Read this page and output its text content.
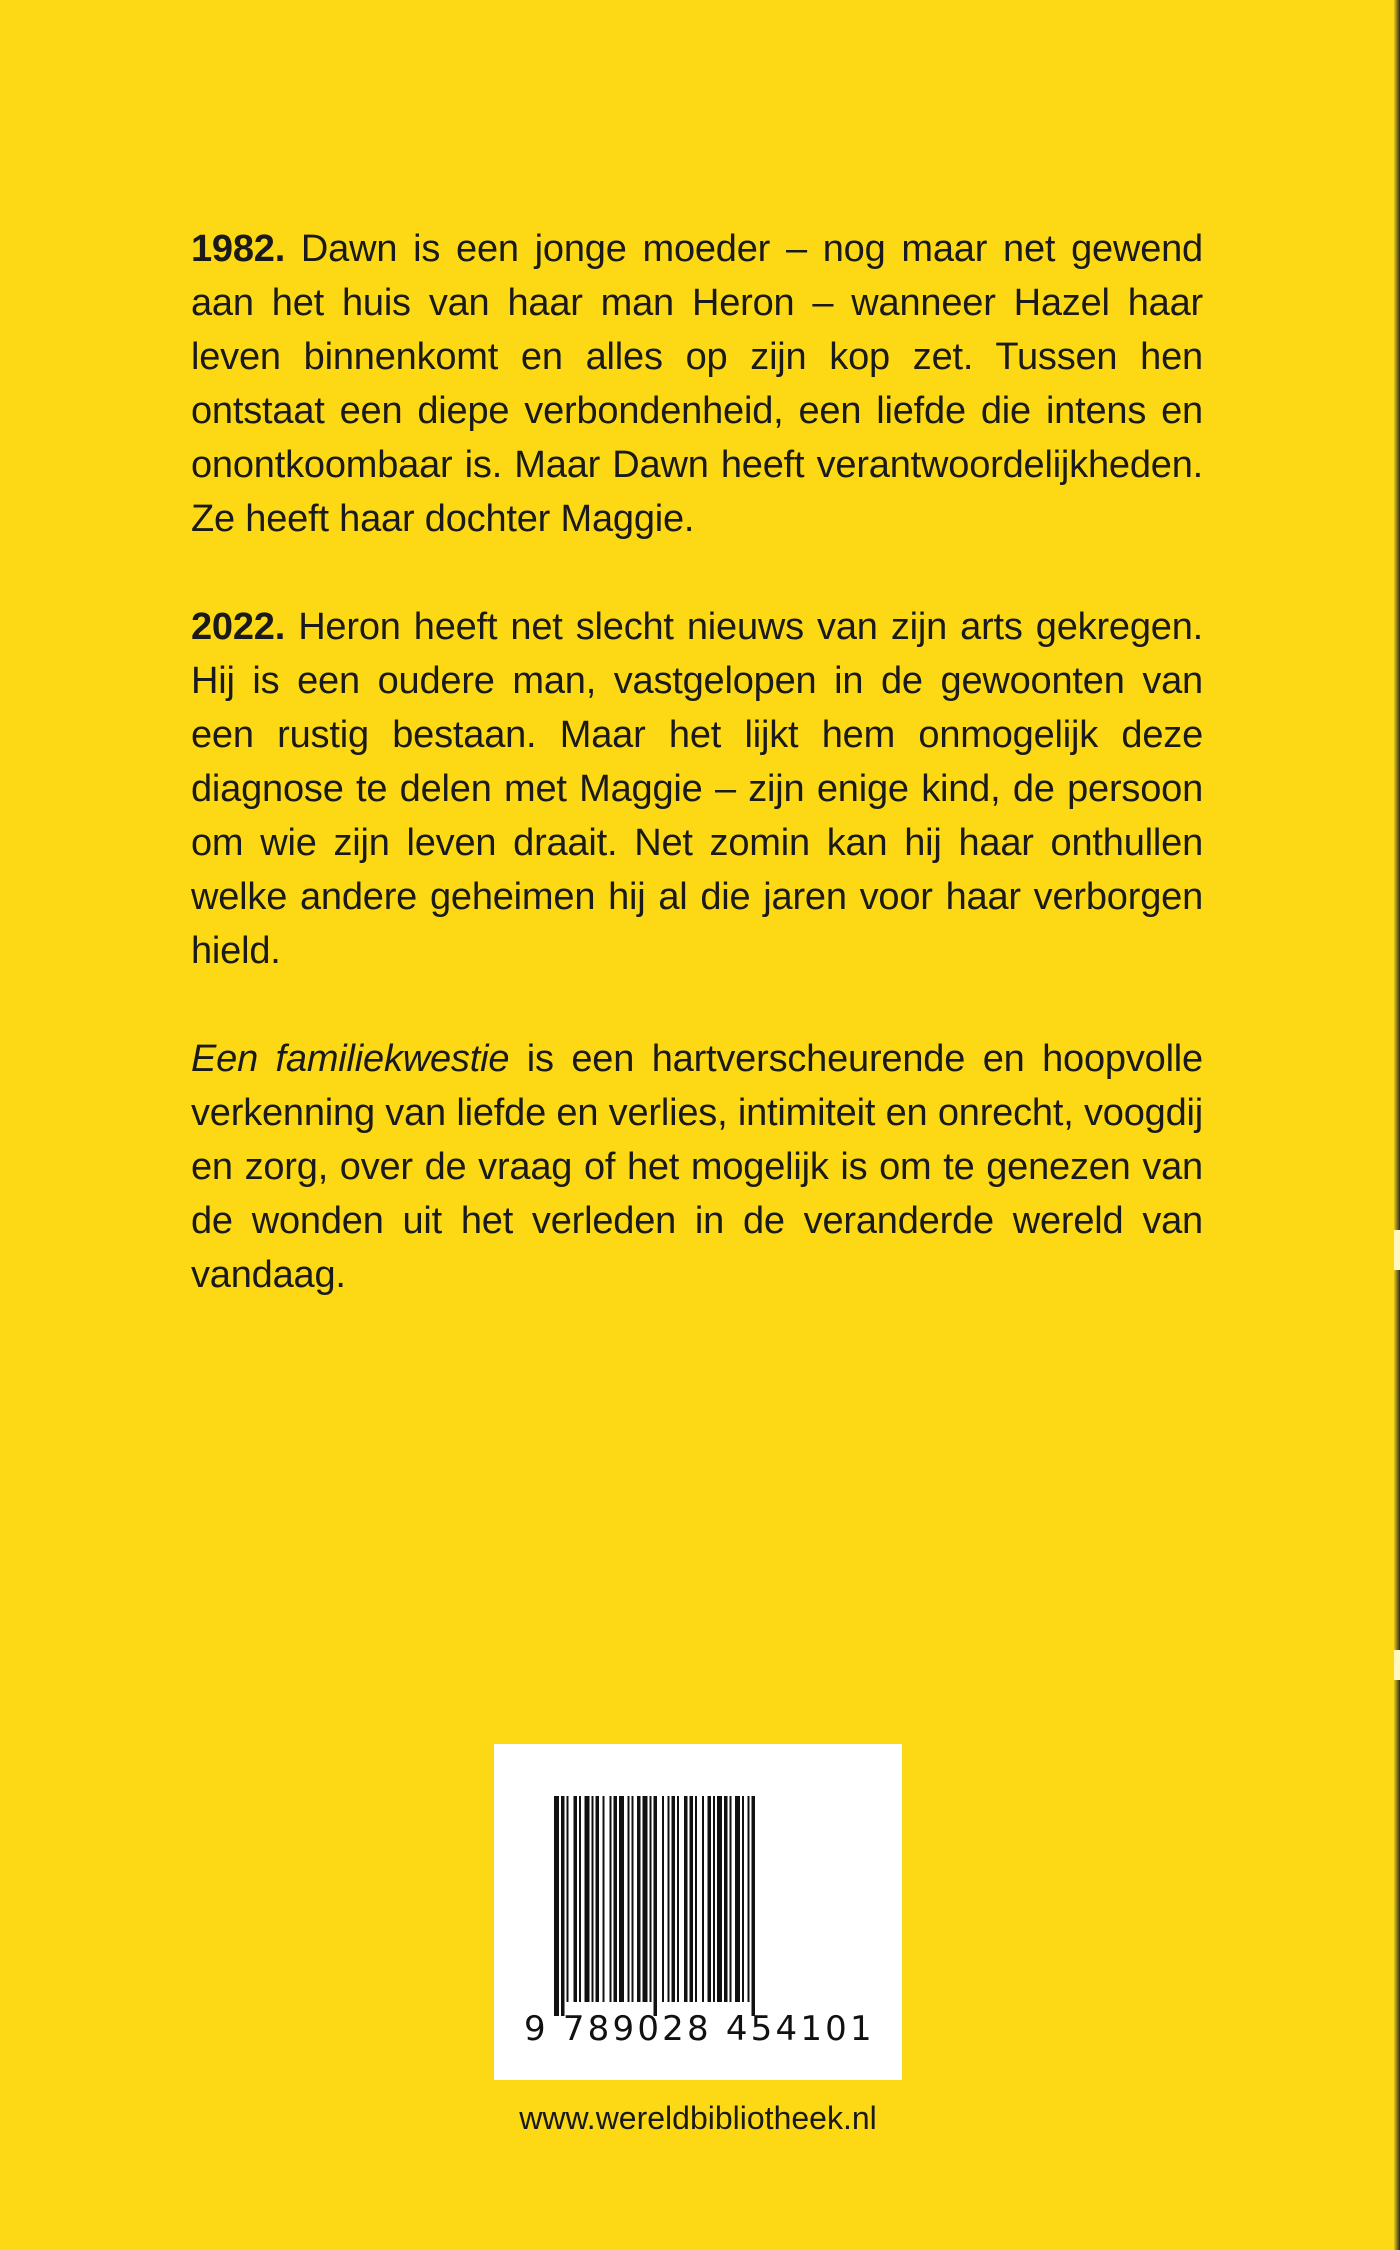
1982. Dawn is een jonge moeder – nog maar net gewend aan het huis van haar man Heron – wanneer Hazel haar leven binnenkomt en alles op zijn kop zet. Tussen hen ontstaat een diepe verbondenheid, een liefde die intens en onontkoombaar is. Maar Dawn heeft verantwoordelijkheden. Ze heeft haar dochter Maggie.

2022. Heron heeft net slecht nieuws van zijn arts gekregen. Hij is een oudere man, vastgelopen in de gewoonten van een rustig bestaan. Maar het lijkt hem onmogelijk deze diagnose te delen met Maggie – zijn enige kind, de persoon om wie zijn leven draait. Net zomin kan hij haar onthullen welke andere geheimen hij al die jaren voor haar verborgen hield.

Een familiekwestie is een hartverscheurende en hoopvolle verkenning van liefde en verlies, intimiteit en onrecht, voogdij en zorg, over de vraag of het mogelijk is om te genezen van de wonden uit het verleden in de veranderde wereld van vandaag.

9 789028 454101
www.wereldbibliotheek.nl
